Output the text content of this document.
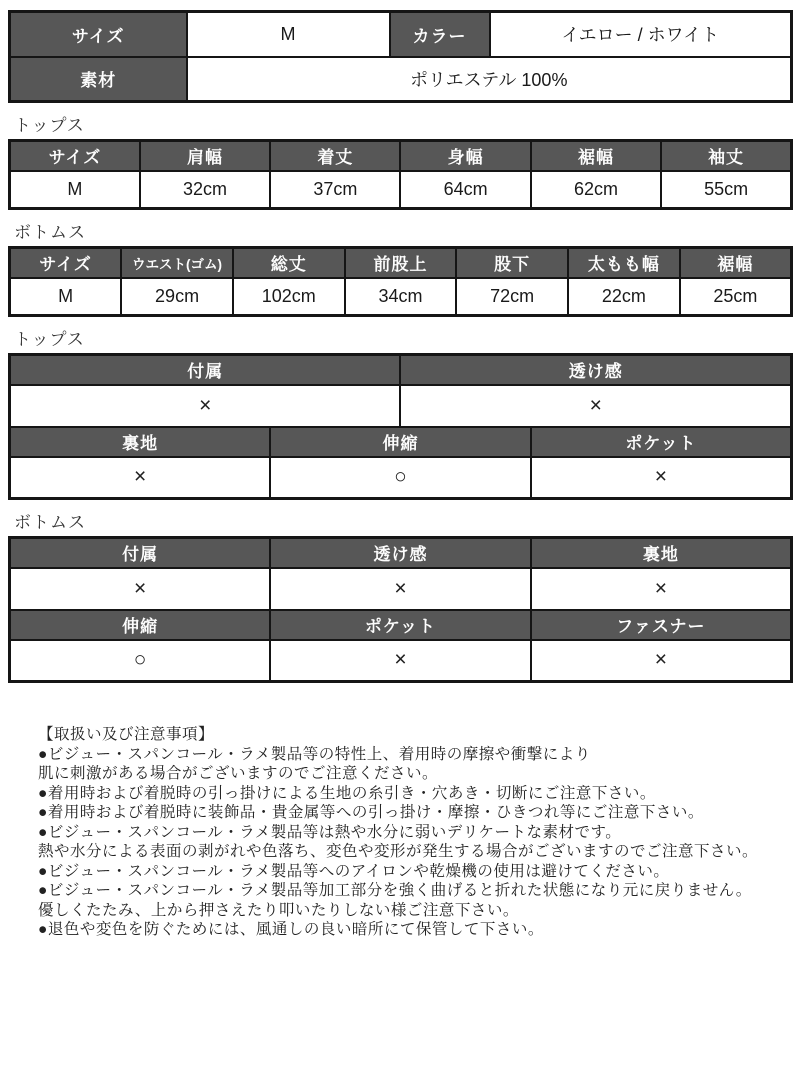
サイズ	M	カラー	イエロー / ホワイト
素材	ポリエステル 100%		
トップス
サイズ	肩幅	着丈	身幅	裾幅	袖丈
M	32cm	37cm	64cm	62cm	55cm
ボトムス
サイズ	ウエスト(ゴム)	総丈	前股上	股下	太もも幅	裾幅
M	29cm	102cm	34cm	72cm	22cm	25cm
トップス
付属		透け感	
×		×	
裏地	伸縮		ポケット
×	○		×
ボトムス
付属	透け感	裏地
×	×	×
伸縮	ポケット	ファスナー
○	×	×
【取扱い及び注意事項】
●ビジュー・スパンコール・ラメ製品等の特性上、着用時の摩擦や衝撃により
肌に刺激がある場合がございますのでご注意ください。
●着用時および着脱時の引っ掛けによる生地の糸引き・穴あき・切断にご注意下さい。
●着用時および着脱時に装飾品・貴金属等への引っ掛け・摩擦・ひきつれ等にご注意下さい。
●ビジュー・スパンコール・ラメ製品等は熱や水分に弱いデリケートな素材です。
熱や水分による表面の剥がれや色落ち、変色や変形が発生する場合がございますのでご注意下さい。
●ビジュー・スパンコール・ラメ製品等へのアイロンや乾燥機の使用は避けてください。
●ビジュー・スパンコール・ラメ製品等加工部分を強く曲げると折れた状態になり元に戻りません。
優しくたたみ、上から押さえたり叩いたりしない様ご注意下さい。
●退色や変色を防ぐためには、風通しの良い暗所にて保管して下さい。
